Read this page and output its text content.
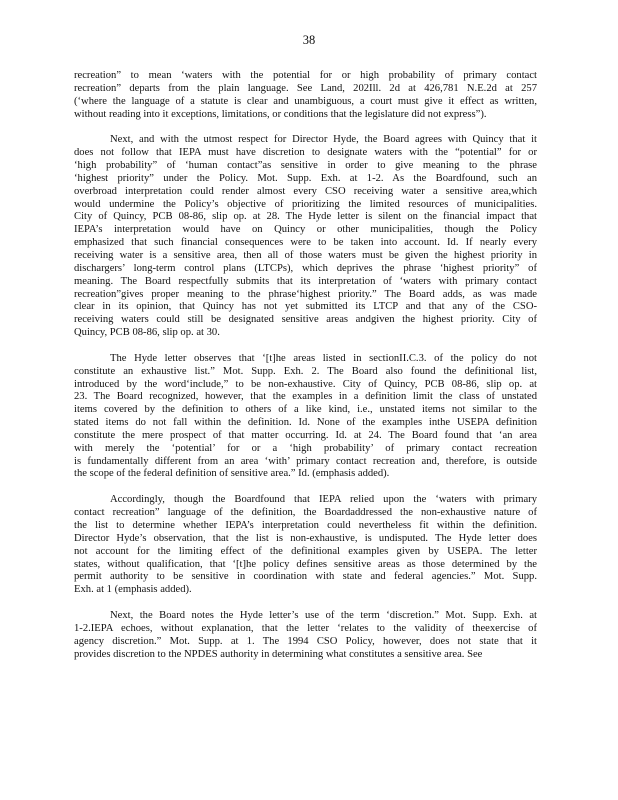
38

recreation” to mean ‘waters with the potential for or high probability of primary contact
recreation” departs from the plain language. See Land, 202Ill. 2d at 426,781 N.E.2d at 257
(‘where the language of a statute is clear and unambiguous, a court must give it effect as written,
without reading into it exceptions, limitations, or conditions that the legislature did not express”).

Next, and with the utmost respect for Director Hyde, the Board agrees with Quincy that it
does not follow that IEPA must have discretion to designate waters with the “potential” for or
‘high probability” of ‘human contact”as sensitive in order to give meaning to the phrase
‘highest priority” under the Policy. Mot. Supp. Exh. at 1-2. As the Boardfound, such an
overbroad interpretation could render almost every CSO receiving water a sensitive area,which
would undermine the Policy’s objective of prioritizing the limited resources of municipalities.
City of Quincy, PCB 08-86, slip op. at 28. The Hyde letter is silent on the financial impact that
IEPA’s interpretation would have on Quincy or other municipalities, though the Policy
emphasized that such financial consequences were to be taken into account. Id. If nearly every
receiving water is a sensitive area, then all of those waters must be given the highest priority in
dischargers’ long-term control plans (LTCPs), which deprives the phrase ‘highest priority” of
meaning. The Board respectfully submits that its interpretation of ‘waters with primary contact
recreation”gives proper meaning to the phrase‘highest priority.” The Board adds, as was made
clear in its opinion, that Quincy has not yet submitted its LTCP and that any of the CSO-
receiving waters could still be designated sensitive areas andgiven the highest priority. City of
Quincy, PCB 08-86, slip op. at 30.

The Hyde letter observes that ‘[t]he areas listed in sectionII.C.3. of the policy do not
constitute an exhaustive list.” Mot. Supp. Exh. 2. The Board also found the definitional list,
introduced by the word‘include,” to be non-exhaustive. City of Quincy, PCB 08-86, slip op. at
23. The Board recognized, however, that the examples in a definition limit the class of unstated
items covered by the definition to others of a like kind, i.e., unstated items not similar to the
stated items do not fall within the definition. Id. None of the examples inthe USEPA definition
constitute the mere prospect of that matter occurring. Id. at 24. The Board found that ‘an area
with merely the ‘potential’ for or a ‘high probability’ of primary contact recreation
is fundamentally different from an area ‘with’ primary contact recreation and, therefore, is outside
the scope of the federal definition of sensitive area.” Id. (emphasis added).

Accordingly, though the Boardfound that IEPA relied upon the ‘waters with primary
contact recreation” language of the definition, the Boardaddressed the non-exhaustive nature of
the list to determine whether IEPA’s interpretation could nevertheless fit within the definition.
Director Hyde’s observation, that the list is non-exhaustive, is undisputed. The Hyde letter does
not account for the limiting effect of the definitional examples given by USEPA. The letter
states, without qualification, that ‘[t]he policy defines sensitive areas as those determined by the
permit authority to be sensitive in coordination with state and federal agencies.” Mot. Supp.
Exh. at 1 (emphasis added).

Next, the Board notes the Hyde letter’s use of the term ‘discretion.” Mot. Supp. Exh. at
1-2.IEPA echoes, without explanation, that the letter ‘relates to the validity of theexercise of
agency discretion.” Mot. Supp. at 1. The 1994 CSO Policy, however, does not state that it
provides discretion to the NPDES authority in determining what constitutes a sensitive area. See
